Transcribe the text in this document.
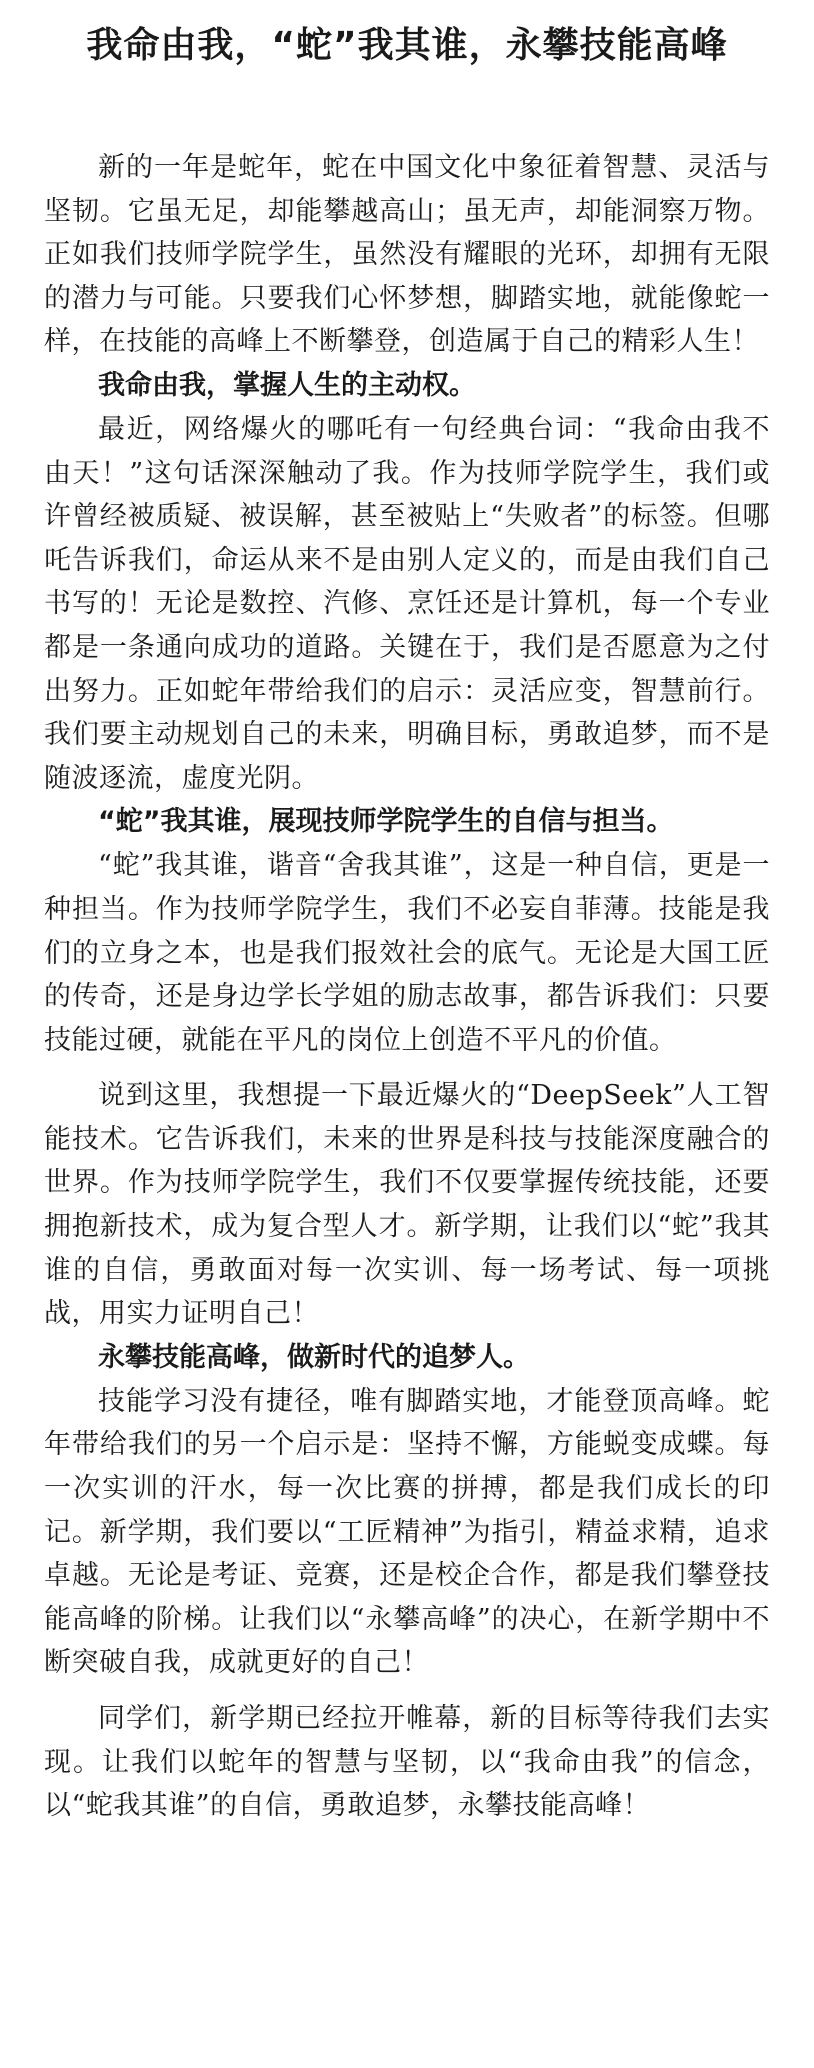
我命由我，“蛇”我其谁，永攀技能高峰

新的一年是蛇年，蛇在中国文化中象征着智慧、灵活与坚韧。它虽无足，却能攀越高山；虽无声，却能洞察万物。正如我们技师学院学生，虽然没有耀眼的光环，却拥有无限的潜力与可能。只要我们心怀梦想，脚踏实地，就能像蛇一样，在技能的高峰上不断攀登，创造属于自己的精彩人生！

我命由我，掌握人生的主动权。

最近，网络爆火的哪吒有一句经典台词：“我命由我不由天！”这句话深深触动了我。作为技师学院学生，我们或许曾经被质疑、被误解，甚至被贴上“失败者”的标签。但哪吒告诉我们，命运从来不是由别人定义的，而是由我们自己书写的！无论是数控、汽修、烹饪还是计算机，每一个专业都是一条通向成功的道路。关键在于，我们是否愿意为之付出努力。正如蛇年带给我们的启示：灵活应变，智慧前行。我们要主动规划自己的未来，明确目标，勇敢追梦，而不是随波逐流，虚度光阴。

“蛇”我其谁，展现技师学院学生的自信与担当。

“蛇”我其谁，谐音“舍我其谁”，这是一种自信，更是一种担当。作为技师学院学生，我们不必妄自菲薄。技能是我们的立身之本，也是我们报效社会的底气。无论是大国工匠的传奇，还是身边学长学姐的励志故事，都告诉我们：只要技能过硬，就能在平凡的岗位上创造不平凡的价值。

说到这里，我想提一下最近爆火的“DeepSeek”人工智能技术。它告诉我们，未来的世界是科技与技能深度融合的世界。作为技师学院学生，我们不仅要掌握传统技能，还要拥抱新技术，成为复合型人才。新学期，让我们以“蛇”我其谁的自信，勇敢面对每一次实训、每一场考试、每一项挑战，用实力证明自己！

永攀技能高峰，做新时代的追梦人。

技能学习没有捷径，唯有脚踏实地，才能登顶高峰。蛇年带给我们的另一个启示是：坚持不懈，方能蜕变成蝶。每一次实训的汗水，每一次比赛的拼搏，都是我们成长的印记。新学期，我们要以“工匠精神”为指引，精益求精，追求卓越。无论是考证、竞赛，还是校企合作，都是我们攀登技能高峰的阶梯。让我们以“永攀高峰”的决心，在新学期中不断突破自我，成就更好的自己！

同学们，新学期已经拉开帷幕，新的目标等待我们去实现。让我们以蛇年的智慧与坚韧，以“我命由我”的信念，以“蛇我其谁”的自信，勇敢追梦，永攀技能高峰！
